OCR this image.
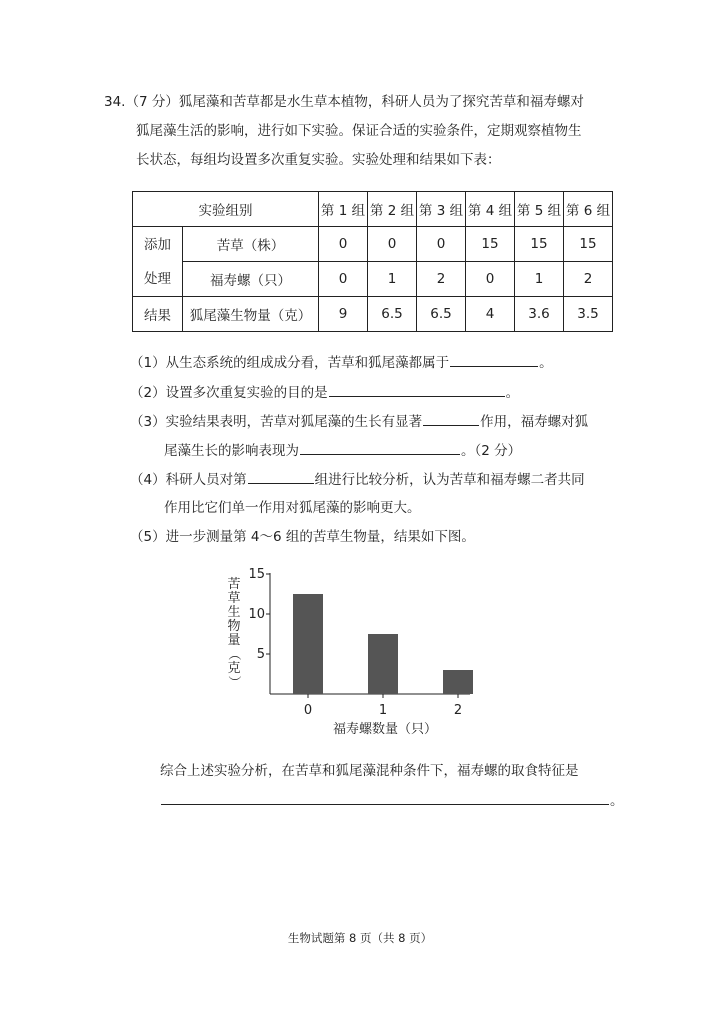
34.（7 分）狐尾藻和苦草都是水生草本植物，科研人员为了探究苦草和福寿螺对
狐尾藻生活的影响，进行如下实验。保证合适的实验条件，定期观察植物生
长状态，每组均设置多次重复实验。实验处理和结果如下表：
实验组别		第 1 组	第 2 组	第 3 组	第 4 组	第 5 组	第 6 组

添加
处理	苦草（株）	0	0	0	15	15	15
	福寿螺（只）	0	1	2	0	1	2
结果	狐尾藻生物量（克）	9	6.5	6.5	4	3.6	3.5
（1）从生态系统的组成成分看，苦草和狐尾藻都属于	。
（2）设置多次重复实验的目的是	。
（3）实验结果表明，苦草对狐尾藻的生长有显著	作用，福寿螺对狐
尾藻生长的影响表现为	。（2 分）
（4）科研人员对第	组进行比较分析，认为苦草和福寿螺二者共同
作用比它们单一作用对狐尾藻的影响更大。
（5）进一步测量第 4～6 组的苦草生物量，结果如下图。
苦
草
生
物
量
（
克
）
5
10
15
0	1	2
福寿螺数量（只）
综合上述实验分析，在苦草和狐尾藻混种条件下，福寿螺的取食特征是
。
生物试题第 8 页（共 8 页）
